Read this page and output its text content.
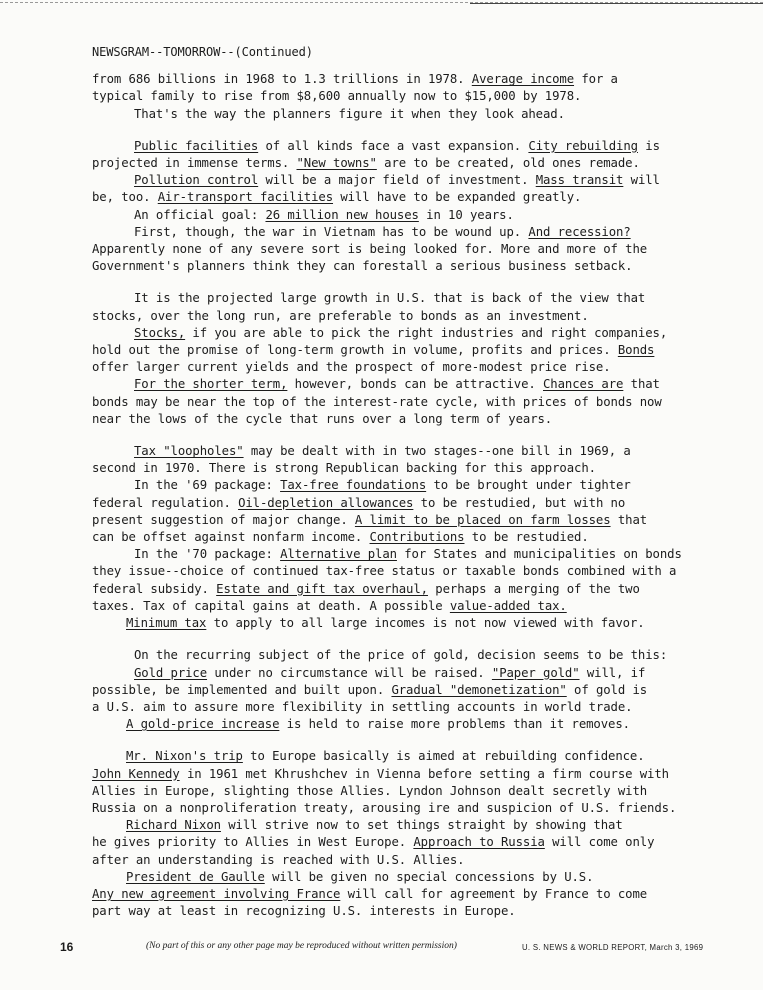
NEWSGRAM--TOMORROW--(Continued)

from 686 billions in 1968 to 1.3 trillions in 1978. Average income for a

typical family to rise from $8,600 annually now to $15,000 by 1978.

That's the way the planners figure it when they look ahead.

Public facilities of all kinds face a vast expansion. City rebuilding is

projected in immense terms. "New towns" are to be created, old ones remade.

Pollution control will be a major field of investment. Mass transit will

be, too. Air-transport facilities will have to be expanded greatly.

An official goal: 26 million new houses in 10 years.

First, though, the war in Vietnam has to be wound up. And recession?

Apparently none of any severe sort is being looked for. More and more of the

Government's planners think they can forestall a serious business setback.

It is the projected large growth in U.S. that is back of the view that

stocks, over the long run, are preferable to bonds as an investment.

Stocks, if you are able to pick the right industries and right companies,

hold out the promise of long-term growth in volume, profits and prices. Bonds

offer larger current yields and the prospect of more-modest price rise.

For the shorter term, however, bonds can be attractive. Chances are that

bonds may be near the top of the interest-rate cycle, with prices of bonds now

near the lows of the cycle that runs over a long term of years.

Tax "loopholes" may be dealt with in two stages--one bill in 1969, a

second in 1970. There is strong Republican backing for this approach.

In the '69 package: Tax-free foundations to be brought under tighter

federal regulation. Oil-depletion allowances to be restudied, but with no

present suggestion of major change. A limit to be placed on farm losses that

can be offset against nonfarm income. Contributions to be restudied.

In the '70 package: Alternative plan for States and municipalities on bonds

they issue--choice of continued tax-free status or taxable bonds combined with a

federal subsidy. Estate and gift tax overhaul, perhaps a merging of the two

taxes. Tax of capital gains at death. A possible value-added tax.

Minimum tax to apply to all large incomes is not now viewed with favor.

On the recurring subject of the price of gold, decision seems to be this:

Gold price under no circumstance will be raised. "Paper gold" will, if

possible, be implemented and built upon. Gradual "demonetization" of gold is

a U.S. aim to assure more flexibility in settling accounts in world trade.

A gold-price increase is held to raise more problems than it removes.

Mr. Nixon's trip to Europe basically is aimed at rebuilding confidence.

John Kennedy in 1961 met Khrushchev in Vienna before setting a firm course with

Allies in Europe, slighting those Allies. Lyndon Johnson dealt secretly with

Russia on a nonproliferation treaty, arousing ire and suspicion of U.S. friends.

Richard Nixon will strive now to set things straight by showing that

he gives priority to Allies in West Europe. Approach to Russia will come only

after an understanding is reached with U.S. Allies.

President de Gaulle will be given no special concessions by U.S.

Any new agreement involving France will call for agreement by France to come

part way at least in recognizing U.S. interests in Europe.

16	(No part of this or any other page may be reproduced without written permission)	U. S. NEWS & WORLD REPORT, March 3, 1969
